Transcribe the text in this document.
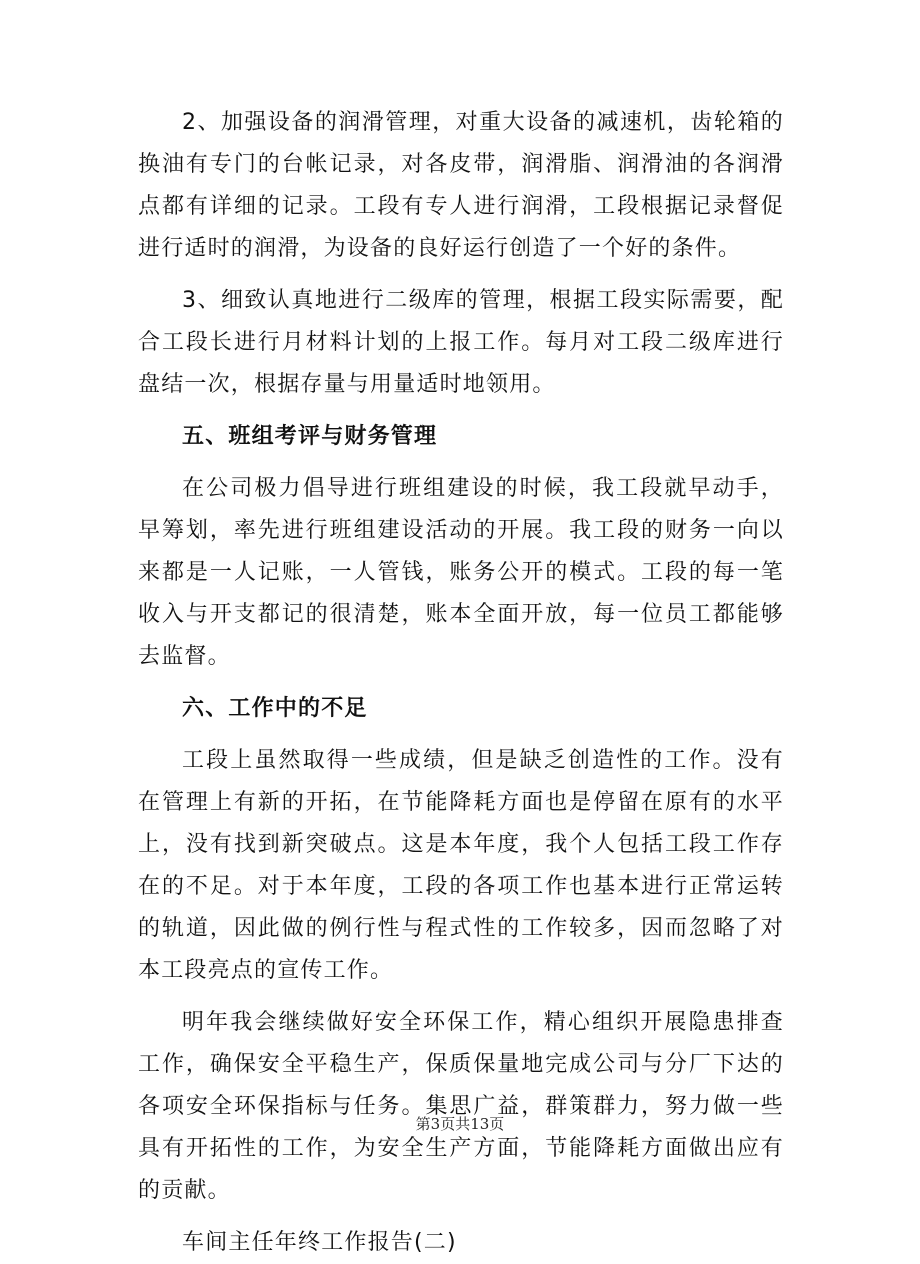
2、加强设备的润滑管理，对重大设备的减速机，齿轮箱的换油有专门的台帐记录，对各皮带，润滑脂、润滑油的各润滑点都有详细的记录。工段有专人进行润滑，工段根据记录督促进行适时的润滑，为设备的良好运行创造了一个好的条件。

3、细致认真地进行二级库的管理，根据工段实际需要，配合工段长进行月材料计划的上报工作。每月对工段二级库进行盘结一次，根据存量与用量适时地领用。

五、班组考评与财务管理

在公司极力倡导进行班组建设的时候，我工段就早动手，早筹划，率先进行班组建设活动的开展。我工段的财务一向以来都是一人记账，一人管钱，账务公开的模式。工段的每一笔收入与开支都记的很清楚，账本全面开放，每一位员工都能够去监督。

六、工作中的不足

工段上虽然取得一些成绩，但是缺乏创造性的工作。没有在管理上有新的开拓，在节能降耗方面也是停留在原有的水平上，没有找到新突破点。这是本年度，我个人包括工段工作存在的不足。对于本年度，工段的各项工作也基本进行正常运转的轨道，因此做的例行性与程式性的工作较多，因而忽略了对本工段亮点的宣传工作。

明年我会继续做好安全环保工作，精心组织开展隐患排查工作，确保安全平稳生产，保质保量地完成公司与分厂下达的各项安全环保指标与任务。集思广益，群策群力，努力做一些具有开拓性的工作，为安全生产方面，节能降耗方面做出应有的贡献。

车间主任年终工作报告(二)

第3页共13页
